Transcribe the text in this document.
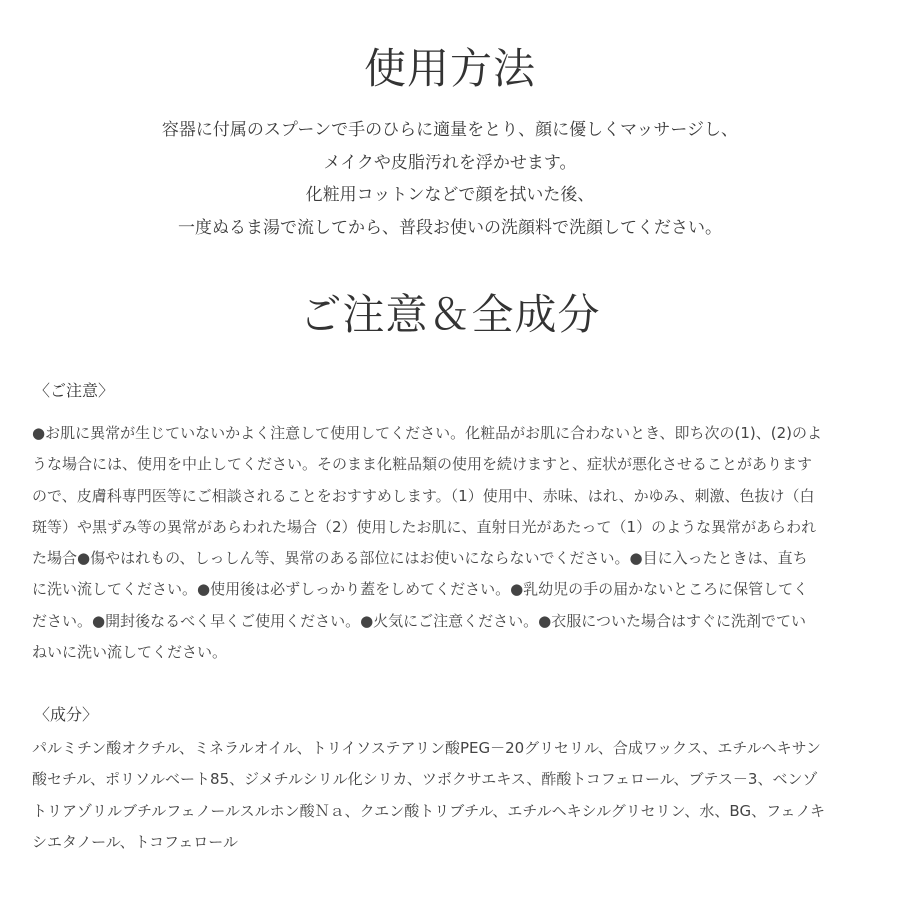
使用方法
容器に付属のスプーンで手のひらに適量をとり、顔に優しくマッサージし、
メイクや皮脂汚れを浮かせます。
化粧用コットンなどで顔を拭いた後、
一度ぬるま湯で流してから、普段お使いの洗顔料で洗顔してください。
ご注意＆全成分
〈ご注意〉
●お肌に異常が生じていないかよく注意して使用してください。化粧品がお肌に合わないとき、即ち次の(1)、(2)のよ
うな場合には、使用を中止してください。そのまま化粧品類の使用を続けますと、症状が悪化させることがあります
ので、皮膚科専門医等にご相談されることをおすすめします。（1）使用中、赤味、はれ、かゆみ、刺激、色抜け（白
斑等）や黒ずみ等の異常があらわれた場合（2）使用したお肌に、直射日光があたって（1）のような異常があらわれ
た場合●傷やはれもの、しっしん等、異常のある部位にはお使いにならないでください。●目に入ったときは、直ち
に洗い流してください。●使用後は必ずしっかり蓋をしめてください。●乳幼児の手の届かないところに保管してく
ださい。●開封後なるべく早くご使用ください。●火気にご注意ください。●衣服についた場合はすぐに洗剤でてい
ねいに洗い流してください。
〈成分〉
パルミチン酸オクチル、ミネラルオイル、トリイソステアリン酸PEG－20グリセリル、合成ワックス、エチルヘキサン
酸セチル、ポリソルベート85、ジメチルシリル化シリカ、ツボクサエキス、酢酸トコフェロール、ブテス－3、ベンゾ
トリアゾリルブチルフェノールスルホン酸Ｎａ、クエン酸トリブチル、エチルヘキシルグリセリン、水、BG、フェノキ
シエタノール、トコフェロール
